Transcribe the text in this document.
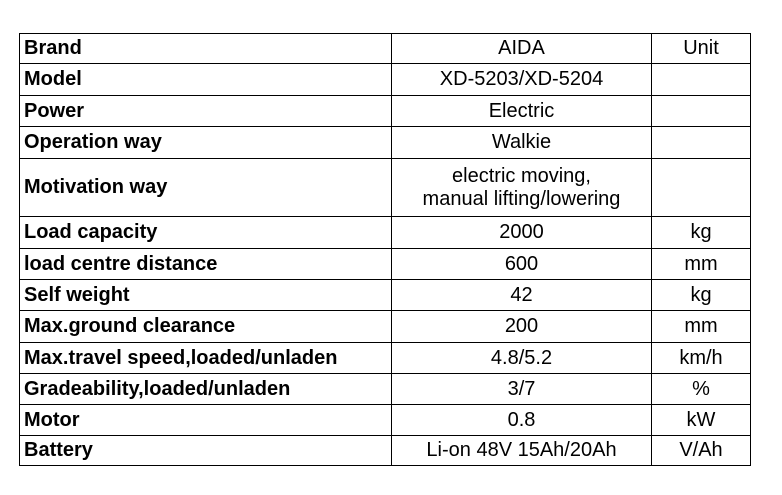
Brand	AIDA	Unit
Model	XD-5203/XD-5204	
Power	Electric	
Operation way	Walkie	
Motivation way	electric moving,
manual lifting/lowering	

Load capacity	2000	kg
load centre distance	600	mm
Self weight	42	kg
Max.ground clearance	200	mm
Max.travel speed,loaded/unladen	4.8/5.2	km/h
Gradeability,loaded/unladen	3/7	%
Motor	0.8	kW
Battery	Li-on 48V 15Ah/20Ah	V/Ah
